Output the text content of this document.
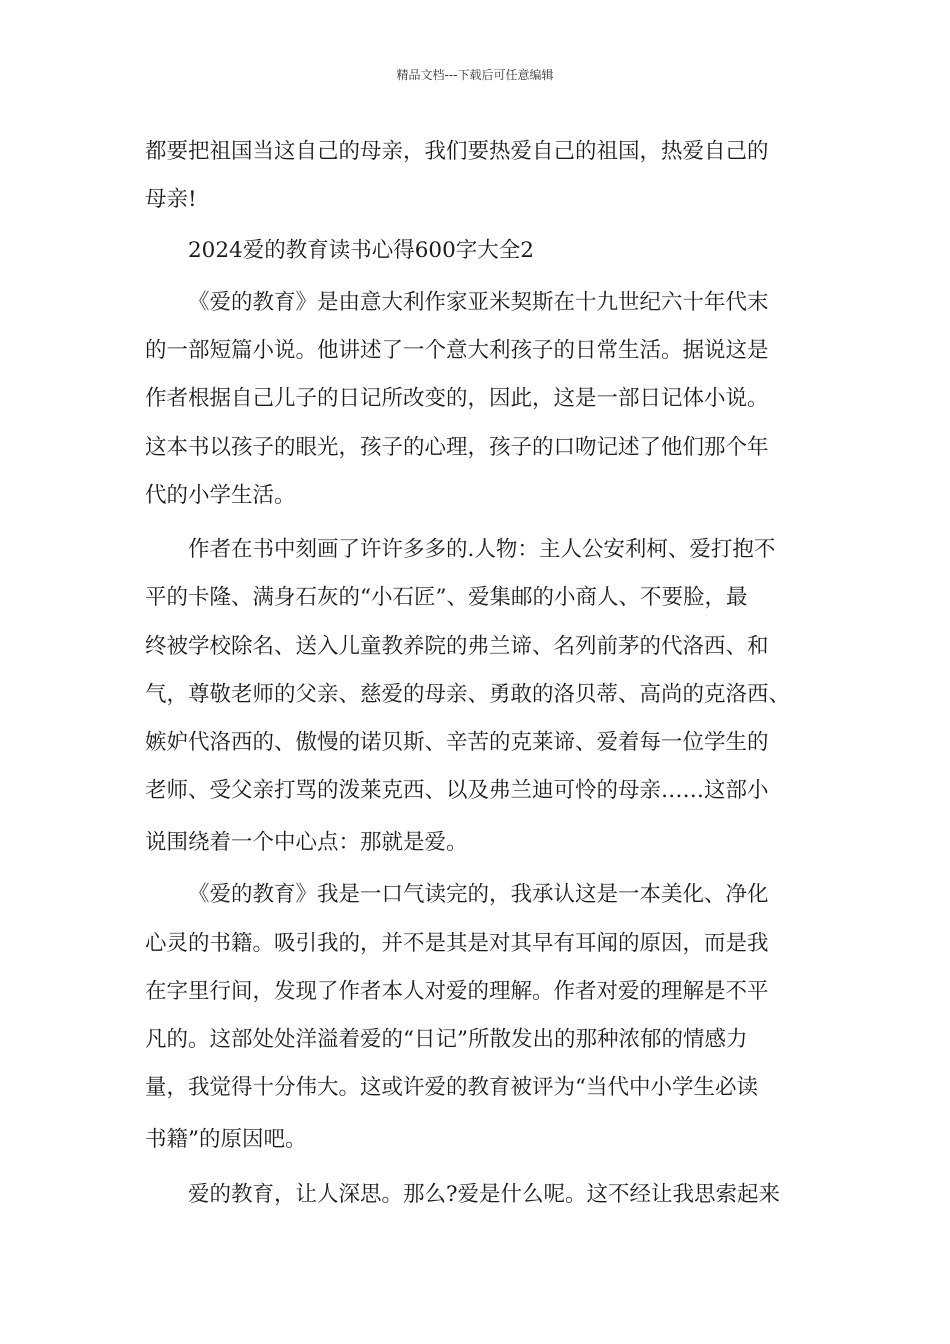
精品文档---下载后可任意编辑
都要把祖国当这自己的母亲，我们要热爱自己的祖国，热爱自己的
母亲!
2024爱的教育读书心得600字大全2
《爱的教育》是由意大利作家亚米契斯在十九世纪六十年代末
的一部短篇小说。他讲述了一个意大利孩子的日常生活。据说这是
作者根据自己儿子的日记所改变的，因此，这是一部日记体小说。
这本书以孩子的眼光，孩子的心理，孩子的口吻记述了他们那个年
代的小学生活。
作者在书中刻画了许许多多的.人物：主人公安利柯、爱打抱不
平的卡隆、满身石灰的“小石匠”、爱集邮的小商人、不要脸，最
终被学校除名、送入儿童教养院的弗兰谛、名列前茅的代洛西、和
气，尊敬老师的父亲、慈爱的母亲、勇敢的洛贝蒂、高尚的克洛西、
嫉妒代洛西的、傲慢的诺贝斯、辛苦的克莱谛、爱着每一位学生的
老师、受父亲打骂的泼莱克西、以及弗兰迪可怜的母亲……这部小
说围绕着一个中心点：那就是爱。
《爱的教育》我是一口气读完的，我承认这是一本美化、净化
心灵的书籍。吸引我的，并不是其是对其早有耳闻的原因，而是我
在字里行间，发现了作者本人对爱的理解。作者对爱的理解是不平
凡的。这部处处洋溢着爱的“日记”所散发出的那种浓郁的情感力
量，我觉得十分伟大。这或许爱的教育被评为“当代中小学生必读
书籍”的原因吧。
爱的教育，让人深思。那么?爱是什么呢。这不经让我思索起来
